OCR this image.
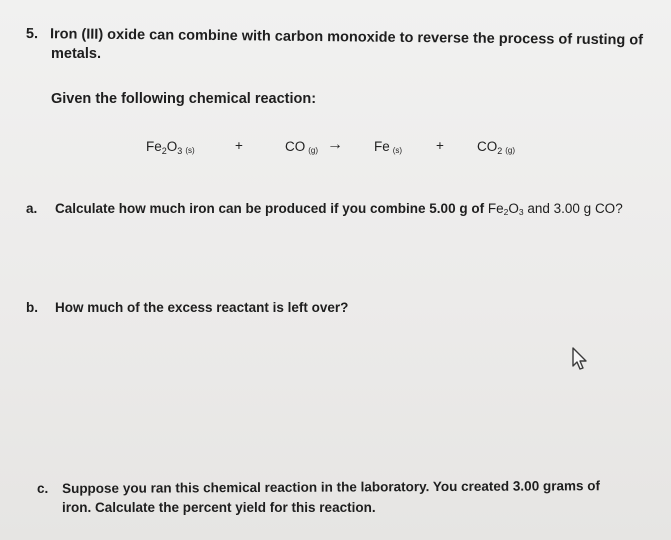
5. Iron (III) oxide can combine with carbon monoxide to reverse the process of rusting of
metals.
Given the following chemical reaction:
$Fe_2O_3$ (s)	+	CO (g) → Fe (s)	+ $CO_2$ (g)
a. Calculate how much iron can be produced if you combine 5.00 g of $Fe_2O_3$ and 3.00 g CO?
b. How much of the excess reactant is left over?
c. Suppose you ran this chemical reaction in the laboratory. You created 3.00 grams of
iron. Calculate the percent yield for this reaction.
